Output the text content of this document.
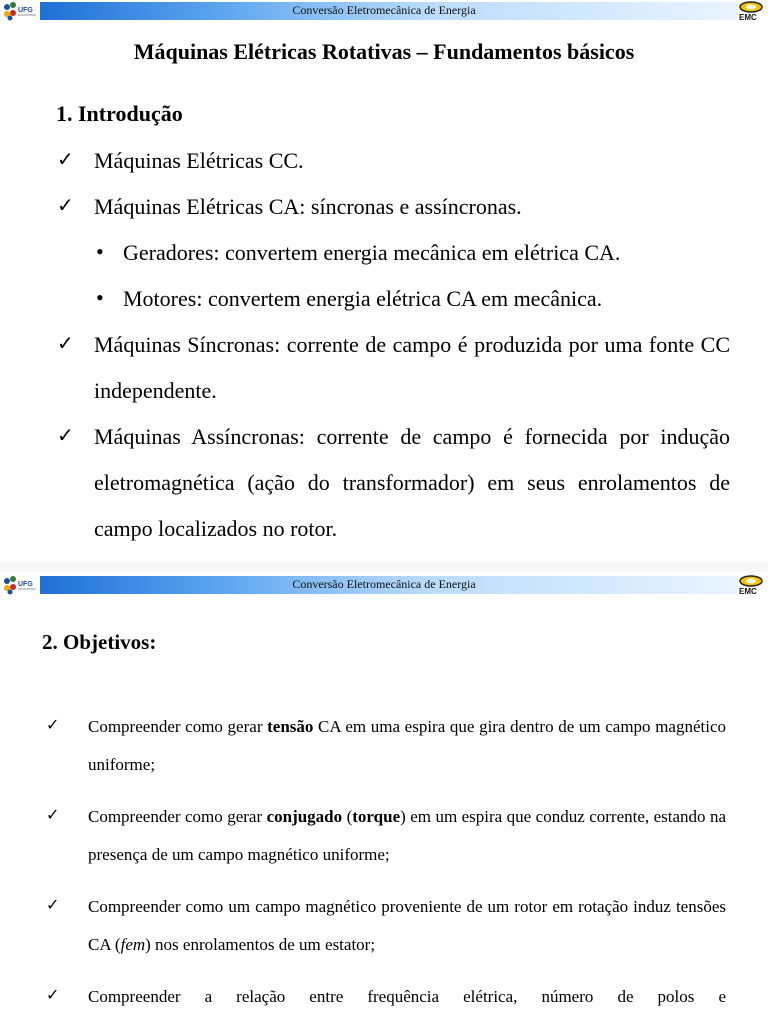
Conversão Eletromecânica de Energia
UFG
EMC
Máquinas Elétricas Rotativas – Fundamentos básicos
1. Introdução
✓ Máquinas Elétricas CC.
✓ Máquinas Elétricas CA: síncronas e assíncronas.
• Geradores: convertem energia mecânica em elétrica CA.
• Motores: convertem energia elétrica CA em mecânica.
✓ Máquinas Síncronas: corrente de campo é produzida por uma fonte CC independente.
✓ Máquinas Assíncronas: corrente de campo é fornecida por indução eletromagnética (ação do transformador) em seus enrolamentos de campo localizados no rotor.
Conversão Eletromecânica de Energia
UFG
EMC
2. Objetivos:
✓ Compreender como gerar tensão CA em uma espira que gira dentro de um campo magnético uniforme;
✓ Compreender como gerar conjugado (torque) em um espira que conduz corrente, estando na presença de um campo magnético uniforme;
✓ Compreender como um campo magnético proveniente de um rotor em rotação induz tensões CA (fem) nos enrolamentos de um estator;
✓ Compreender a relação entre frequência elétrica, número de polos e
